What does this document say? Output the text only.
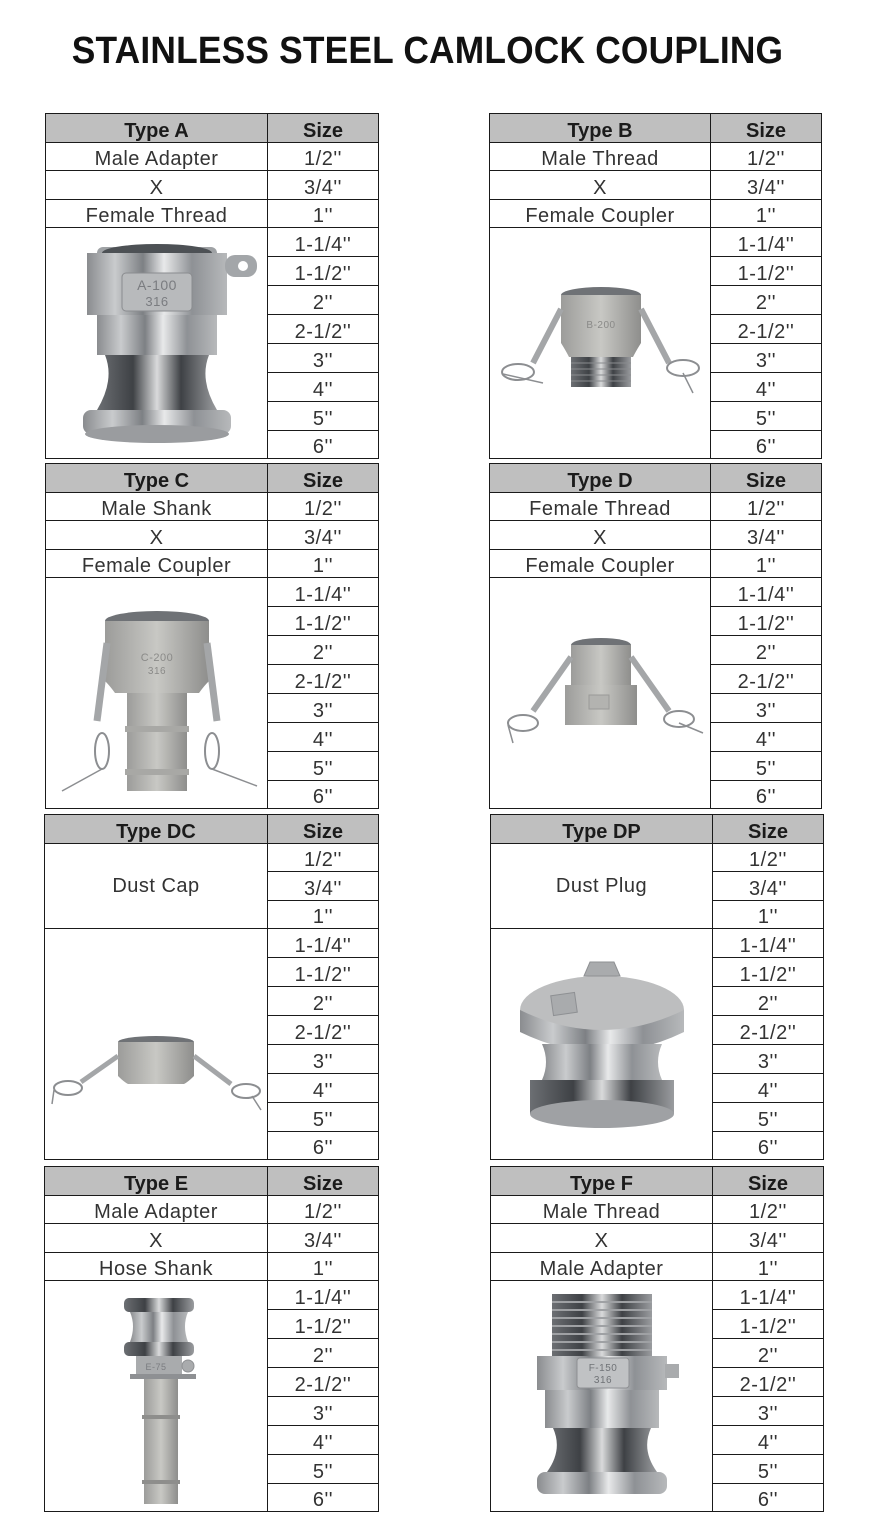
STAINLESS STEEL CAMLOCK COUPLING
Type A	Size
Male Adapter	1/2''
X	3/4''
Female Thread	1''

A-100
316	1-1/4''
	1-1/2''
	2''
	2-1/2''
	3''
	4''
	5''
	6''
Type B	Size
Male Thread	1/2''
X	3/4''
Female Coupler	1''

B-200	1-1/4''
	1-1/2''
	2''
	2-1/2''
	3''
	4''
	5''
	6''
Type C	Size
Male Shank	1/2''
X	3/4''
Female Coupler	1''

C-200
316	1-1/4''
	1-1/2''
	2''
	2-1/2''
	3''
	4''
	5''
	6''
Type D	Size
Female Thread	1/2''
X	3/4''
Female Coupler	1''

	1-1/4''
	1-1/2''
	2''
	2-1/2''
	3''
	4''
	5''
	6''
Type DC	Size
Dust Cap	1/2''
	3/4''
	1''

	1-1/4''
	1-1/2''
	2''
	2-1/2''
	3''
	4''
	5''
	6''
Type DP	Size
Dust Plug	1/2''
	3/4''
	1''

	1-1/4''
	1-1/2''
	2''
	2-1/2''
	3''
	4''
	5''
	6''
Type E	Size
Male Adapter	1/2''
X	3/4''
Hose Shank	1''

E-75	1-1/4''
	1-1/2''
	2''
	2-1/2''
	3''
	4''
	5''
	6''
Type F	Size
Male Thread	1/2''
X	3/4''
Male Adapter	1''

F-150
316	1-1/4''
	1-1/2''
	2''
	2-1/2''
	3''
	4''
	5''
	6''
